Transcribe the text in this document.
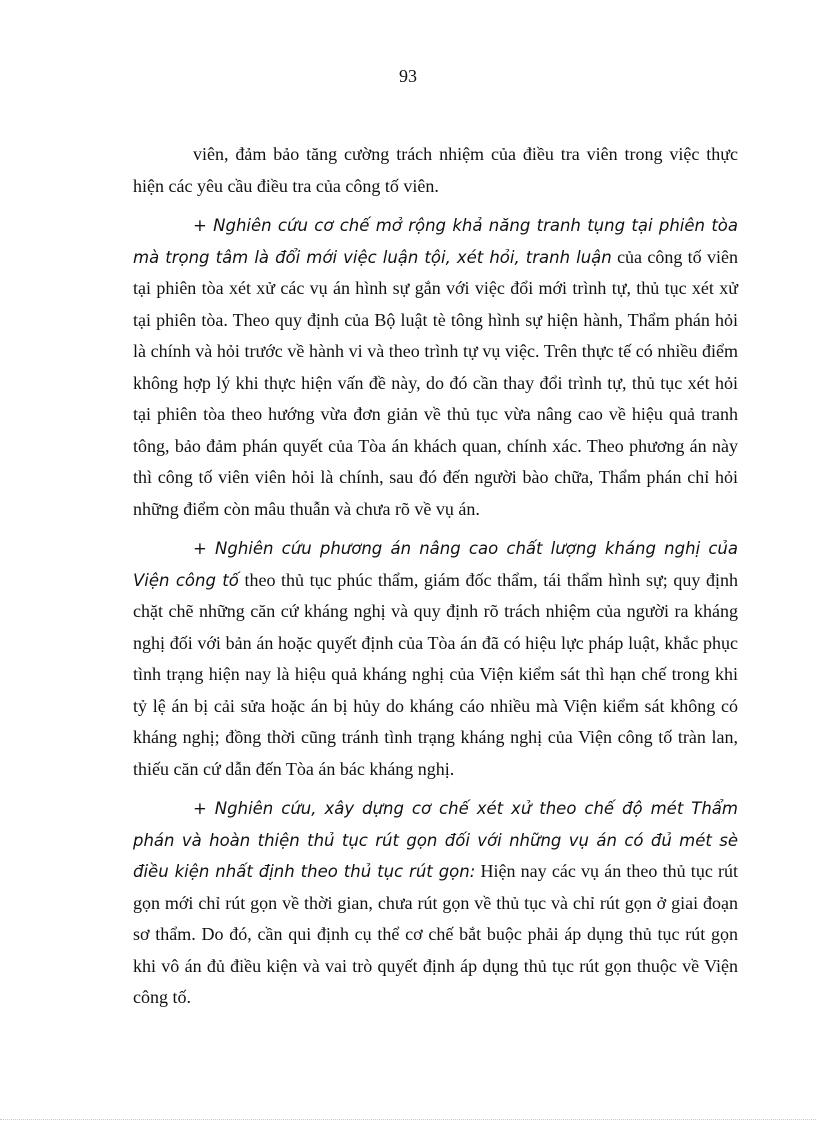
93

viên, đảm bảo tăng cường trách nhiệm của điều tra viên trong việc thực hiện các yêu cầu điều tra của công tố viên.

+ Nghiên cứu cơ chế mở rộng khả năng tranh tụng tại phiên tòa mà trọng tâm là đổi mới việc luận tội, xét hỏi, tranh luận của công tố viên tại phiên tòa xét xử các vụ án hình sự gắn với việc đổi mới trình tự, thủ tục xét xử tại phiên tòa. Theo quy định của Bộ luật tè tông hình sự hiện hành, Thẩm phán hỏi là chính và hỏi trước về hành vi và theo trình tự vụ việc. Trên thực tế có nhiều điểm không hợp lý khi thực hiện vấn đề này, do đó cần thay đổi trình tự, thủ tục xét hỏi tại phiên tòa theo hướng vừa đơn giản về thủ tục vừa nâng cao về hiệu quả tranh tông, bảo đảm phán quyết của Tòa án khách quan, chính xác. Theo phương án này thì công tố viên viên hỏi là chính, sau đó đến người bào chữa, Thẩm phán chỉ hỏi những điểm còn mâu thuẫn và chưa rõ về vụ án.

+ Nghiên cứu phương án nâng cao chất lượng kháng nghị của Viện công tố theo thủ tục phúc thẩm, giám đốc thẩm, tái thẩm hình sự; quy định chặt chẽ những căn cứ kháng nghị và quy định rõ trách nhiệm của người ra kháng nghị đối với bản án hoặc quyết định của Tòa án đã có hiệu lực pháp luật, khắc phục tình trạng hiện nay là hiệu quả kháng nghị của Viện kiểm sát thì hạn chế trong khi tỷ lệ án bị cải sửa hoặc án bị hủy do kháng cáo nhiều mà Viện kiểm sát không có kháng nghị; đồng thời cũng tránh tình trạng kháng nghị của Viện công tố tràn lan, thiếu căn cứ dẫn đến Tòa án bác kháng nghị.

+ Nghiên cứu, xây dựng cơ chế xét xử theo chế độ mét Thẩm phán và hoàn thiện thủ tục rút gọn đối với những vụ án có đủ mét sè điều kiện nhất định theo thủ tục rút gọn: Hiện nay các vụ án theo thủ tục rút gọn mới chỉ rút gọn về thời gian, chưa rút gọn về thủ tục và chỉ rút gọn ở giai đoạn sơ thẩm. Do đó, cần qui định cụ thể cơ chế bắt buộc phải áp dụng thủ tục rút gọn khi vô án đủ điều kiện và vai trò quyết định áp dụng thủ tục rút gọn thuộc về Viện công tố.
